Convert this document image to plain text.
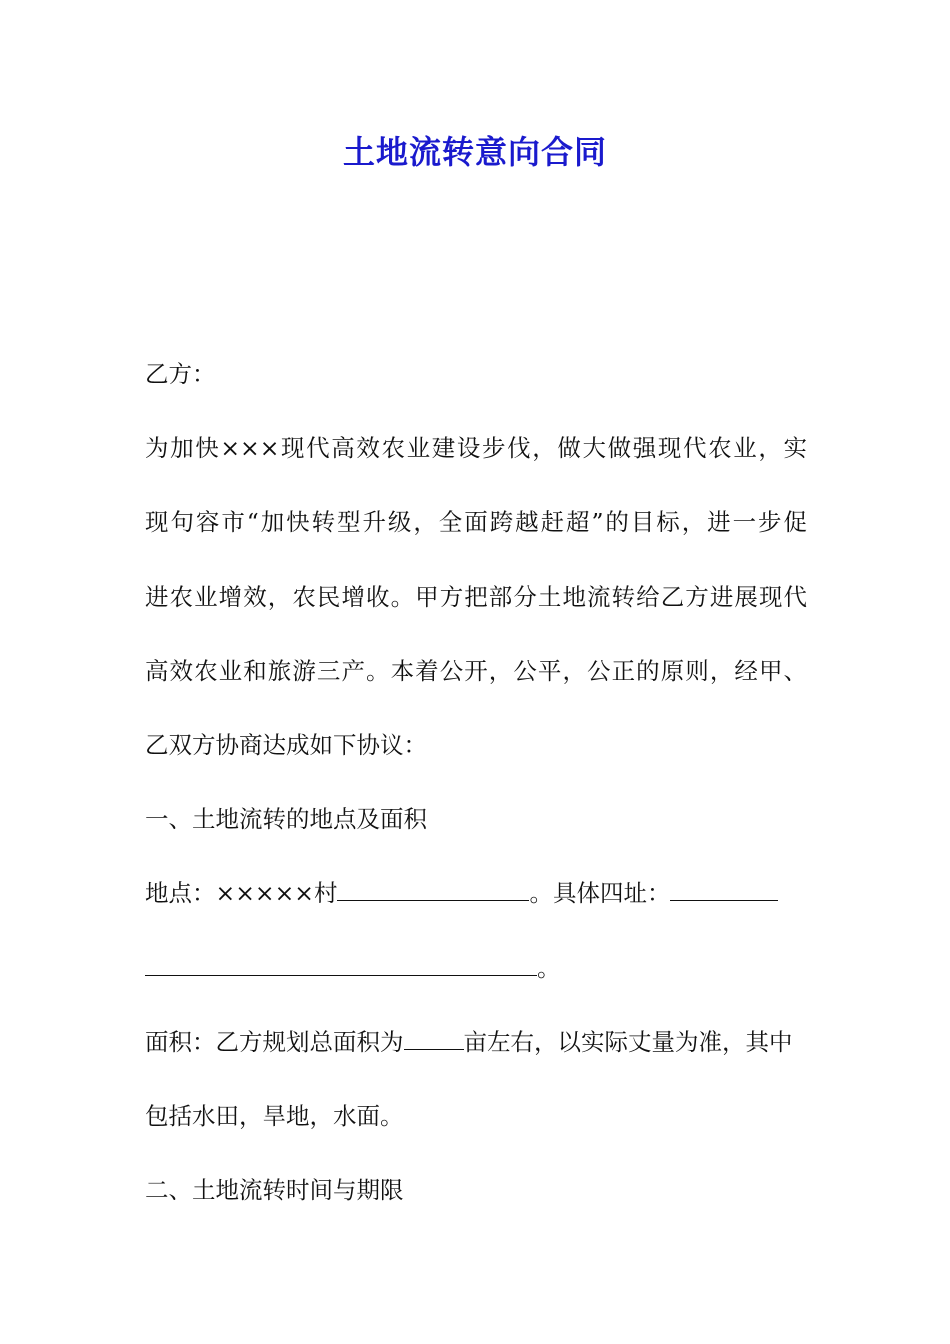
土地流转意向合同
乙方：
为加快×××现代高效农业建设步伐，做大做强现代农业，实
现句容市“加快转型升级，全面跨越赶超”的目标，进一步促
进农业增效，农民增收。甲方把部分土地流转给乙方进展现代
高效农业和旅游三产。本着公开，公平，公正的原则，经甲、
乙双方协商达成如下协议：
一、土地流转的地点及面积
地点：×××××村	。具体四址：
。
面积：乙方规划总面积为	亩左右，以实际丈量为准，其中
包括水田，旱地，水面。
二、土地流转时间与期限
